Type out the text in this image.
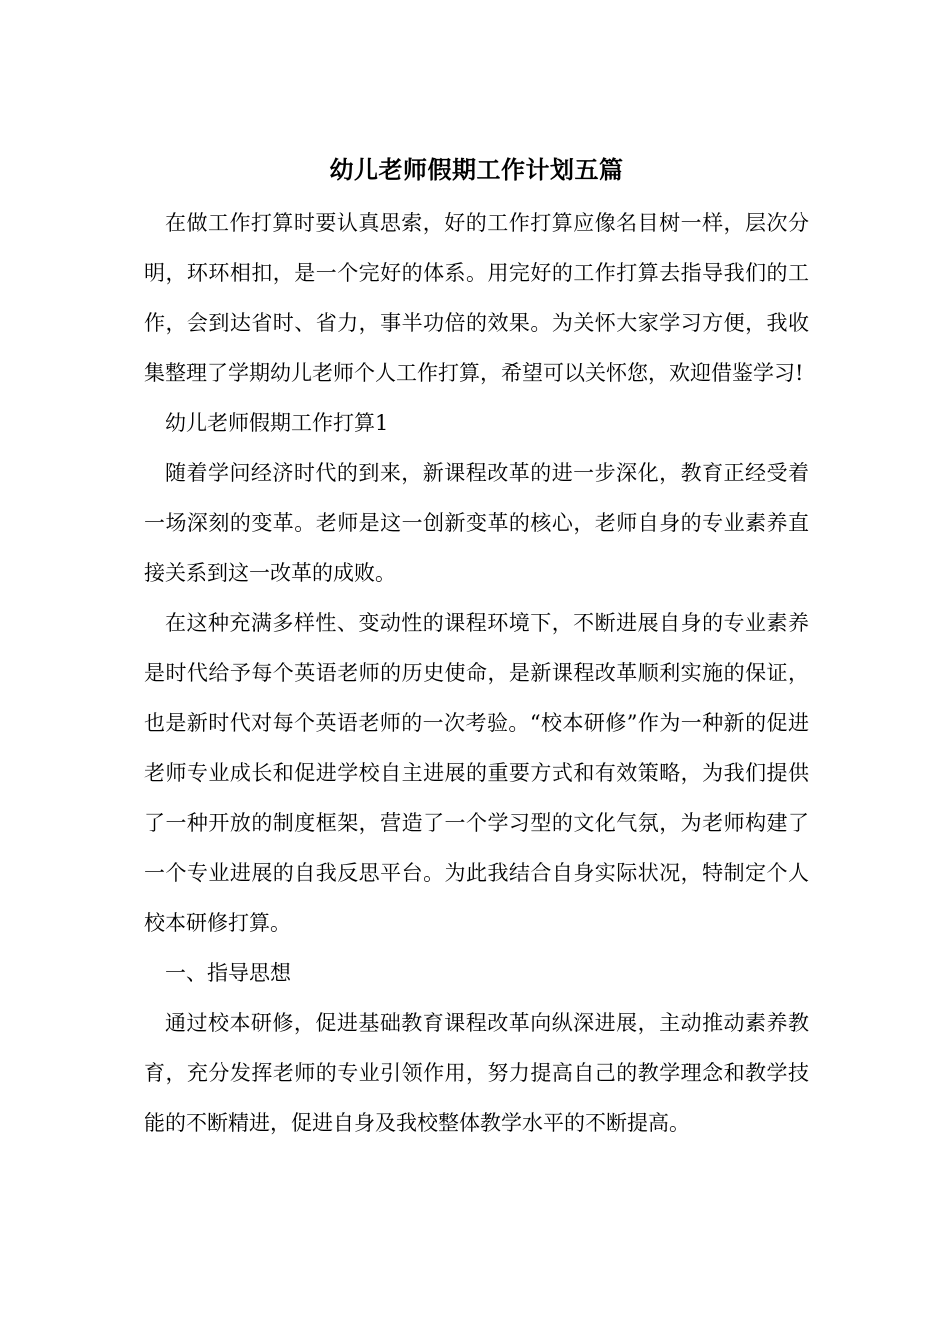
幼儿老师假期工作计划五篇

在做工作打算时要认真思索，好的工作打算应像名目树一样，层次分明，环环相扣，是一个完好的体系。用完好的工作打算去指导我们的工作，会到达省时、省力，事半功倍的效果。为关怀大家学习方便，我收集整理了学期幼儿老师个人工作打算，希望可以关怀您，欢迎借鉴学习!

幼儿老师假期工作打算1

随着学问经济时代的到来，新课程改革的进一步深化，教育正经受着一场深刻的变革。老师是这一创新变革的核心，老师自身的专业素养直接关系到这一改革的成败。

在这种充满多样性、变动性的课程环境下，不断进展自身的专业素养是时代给予每个英语老师的历史使命，是新课程改革顺利实施的保证，也是新时代对每个英语老师的一次考验。“校本研修”作为一种新的促进老师专业成长和促进学校自主进展的重要方式和有效策略，为我们提供了一种开放的制度框架，营造了一个学习型的文化气氛，为老师构建了一个专业进展的自我反思平台。为此我结合自身实际状况，特制定个人校本研修打算。

一、指导思想

通过校本研修，促进基础教育课程改革向纵深进展，主动推动素养教育，充分发挥老师的专业引领作用，努力提高自己的教学理念和教学技能的不断精进，促进自身及我校整体教学水平的不断提高。
